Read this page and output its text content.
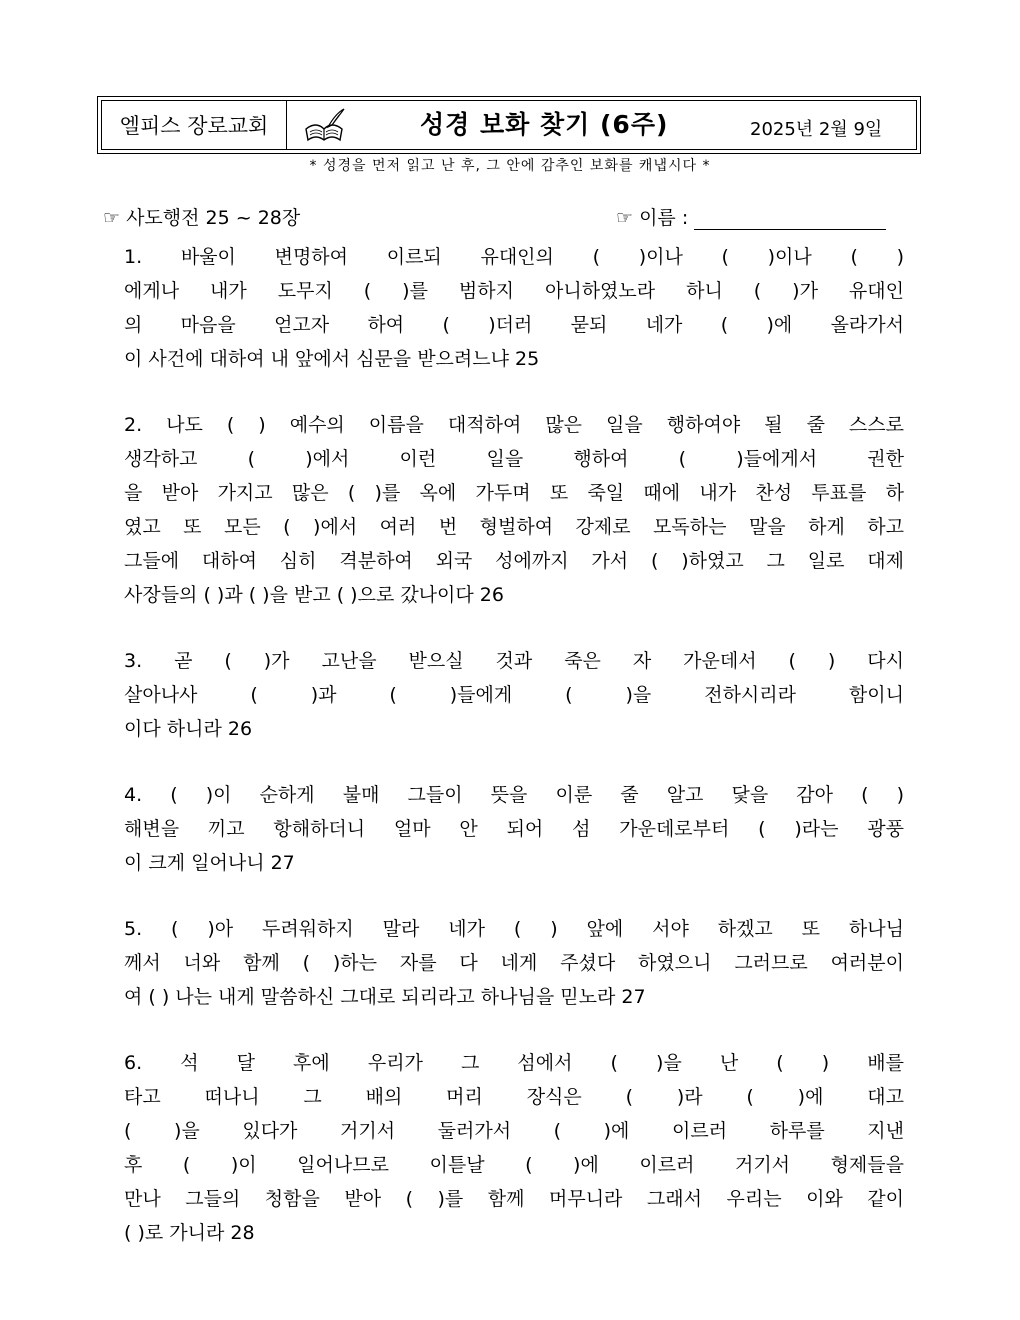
엘피스 장로교회	성경 보화 찾기 (6주)	2025년 2월 9일
* 성경을 먼저 읽고 난 후, 그 안에 감추인 보화를 캐냅시다 *
☞ 사도행전 25 ~ 28장	☞ 이름 :
1. 바울이 변명하여 이르되 유대인의 ( )이나 ( )이나 ( )
에게나 내가 도무지 ( )를 범하지 아니하였노라 하니 ( )가 유대인
의 마음을 얻고자 하여 ( )더러 묻되 네가 ( )에 올라가서
이 사건에 대하여 내 앞에서 심문을 받으려느냐 25
2. 나도 ( ) 예수의 이름을 대적하여 많은 일을 행하여야 될 줄 스스로
생각하고 ( )에서 이런 일을 행하여 ( )들에게서 권한
을 받아 가지고 많은 ( )를 옥에 가두며 또 죽일 때에 내가 찬성 투표를 하
였고 또 모든 ( )에서 여러 번 형벌하여 강제로 모독하는 말을 하게 하고
그들에 대하여 심히 격분하여 외국 성에까지 가서 ( )하였고 그 일로 대제
사장들의 ( )과 ( )을 받고 ( )으로 갔나이다 26
3. 곧 ( )가 고난을 받으실 것과 죽은 자 가운데서 ( ) 다시
살아나사 ( )과 ( )들에게 ( )을 전하시리라 함이니
이다 하니라 26
4. ( )이 순하게 불매 그들이 뜻을 이룬 줄 알고 닻을 감아 ( )
해변을 끼고 항해하더니 얼마 안 되어 섬 가운데로부터 ( )라는 광풍
이 크게 일어나니 27
5. ( )아 두려워하지 말라 네가 ( ) 앞에 서야 하겠고 또 하나님
께서 너와 함께 ( )하는 자를 다 네게 주셨다 하였으니 그러므로 여러분이
여 ( ) 나는 내게 말씀하신 그대로 되리라고 하나님을 믿노라 27
6. 석 달 후에 우리가 그 섬에서 ( )을 난 ( ) 배를
타고 떠나니 그 배의 머리 장식은 ( )라 ( )에 대고
( )을 있다가 거기서 둘러가서 ( )에 이르러 하루를 지낸
후 ( )이 일어나므로 이튿날 ( )에 이르러 거기서 형제들을
만나 그들의 청함을 받아 ( )를 함께 머무니라 그래서 우리는 이와 같이
( )로 가니라 28
